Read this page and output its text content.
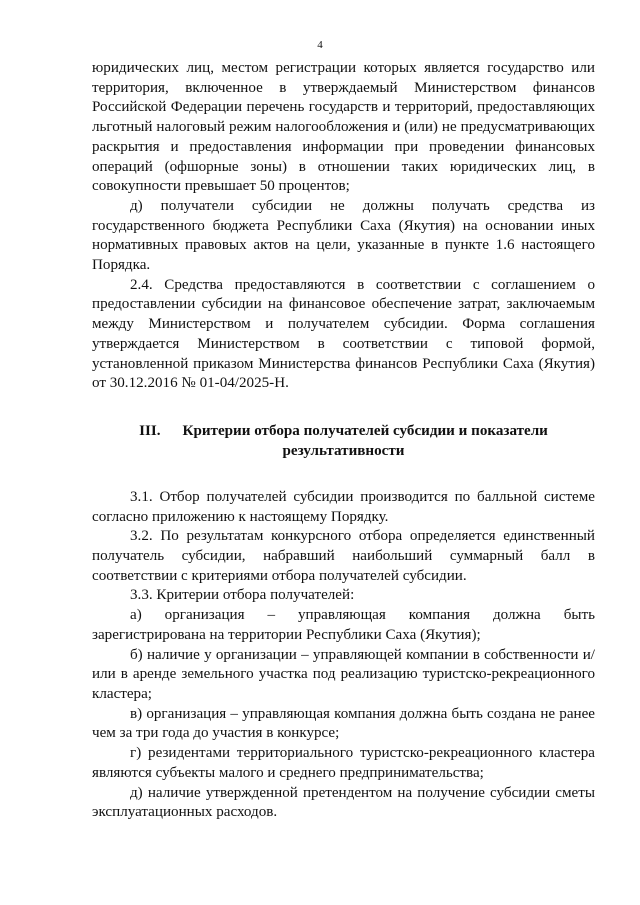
4

юридических лиц, местом регистрации которых является государство или территория, включенное в утверждаемый Министерством финансов Российской Федерации перечень государств и территорий, предоставляющих льготный налоговый режим налогообложения и (или) не предусматривающих раскрытия и предоставления информации при проведении финансовых операций (офшорные зоны) в отношении таких юридических лиц, в совокупности превышает 50 процентов;

д) получатели субсидии не должны получать средства из государственного бюджета Республики Саха (Якутия) на основании иных нормативных правовых актов на цели, указанные в пункте 1.6 настоящего Порядка.

2.4. Средства предоставляются в соответствии с соглашением о предоставлении субсидии на финансовое обеспечение затрат, заключаемым между Министерством и получателем субсидии. Форма соглашения утверждается Министерством в соответствии с типовой формой, установленной приказом Министерства финансов Республики Саха (Якутия) от 30.12.2016 № 01-04/2025-Н.

III. Критерии отбора получателей субсидии и показатели
результативности

3.1. Отбор получателей субсидии производится по балльной системе согласно приложению к настоящему Порядку.

3.2. По результатам конкурсного отбора определяется единственный получатель субсидии, набравший наибольший суммарный балл в соответствии с критериями отбора получателей субсидии.

3.3. Критерии отбора получателей:

а) организация – управляющая компания должна быть зарегистрирована на территории Республики Саха (Якутия);

б) наличие у организации – управляющей компании в собственности и/или в аренде земельного участка под реализацию туристско-рекреационного кластера;

в) организация – управляющая компания должна быть создана не ранее чем за три года до участия в конкурсе;

г) резидентами территориального туристско-рекреационного кластера являются субъекты малого и среднего предпринимательства;

д) наличие утвержденной претендентом на получение субсидии сметы эксплуатационных расходов.
